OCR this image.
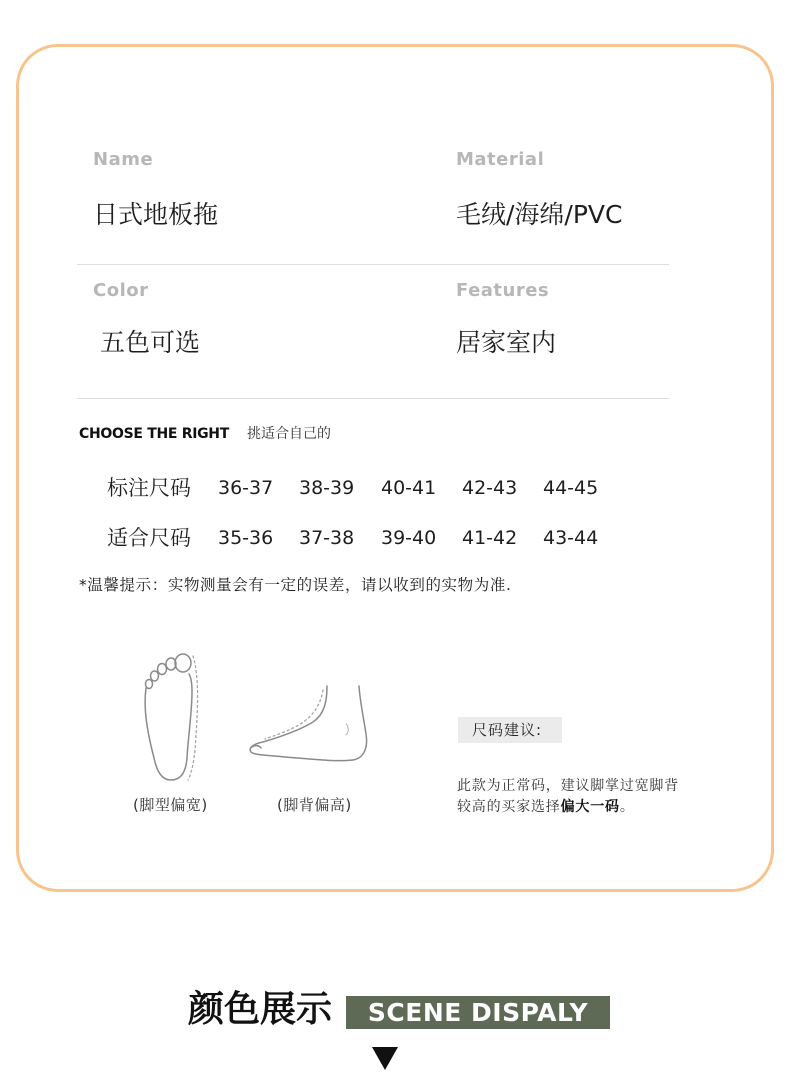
Name
日式地板拖
Material
毛绒/海绵/PVC
Color
五色可选
Features
居家室内
CHOOSE THE RIGHT 挑适合自己的
标注尺码 36-37 38-39 40-41 42-43 44-45
适合尺码 35-36 37-38 39-40 41-42 43-44
*温馨提示：实物测量会有一定的误差，请以收到的实物为准.
(脚型偏宽)	(脚背偏高)
尺码建议:
此款为正常码，建议脚掌过宽脚背
较高的买家选择偏大一码。
颜色展示	SCENE DISPALY
